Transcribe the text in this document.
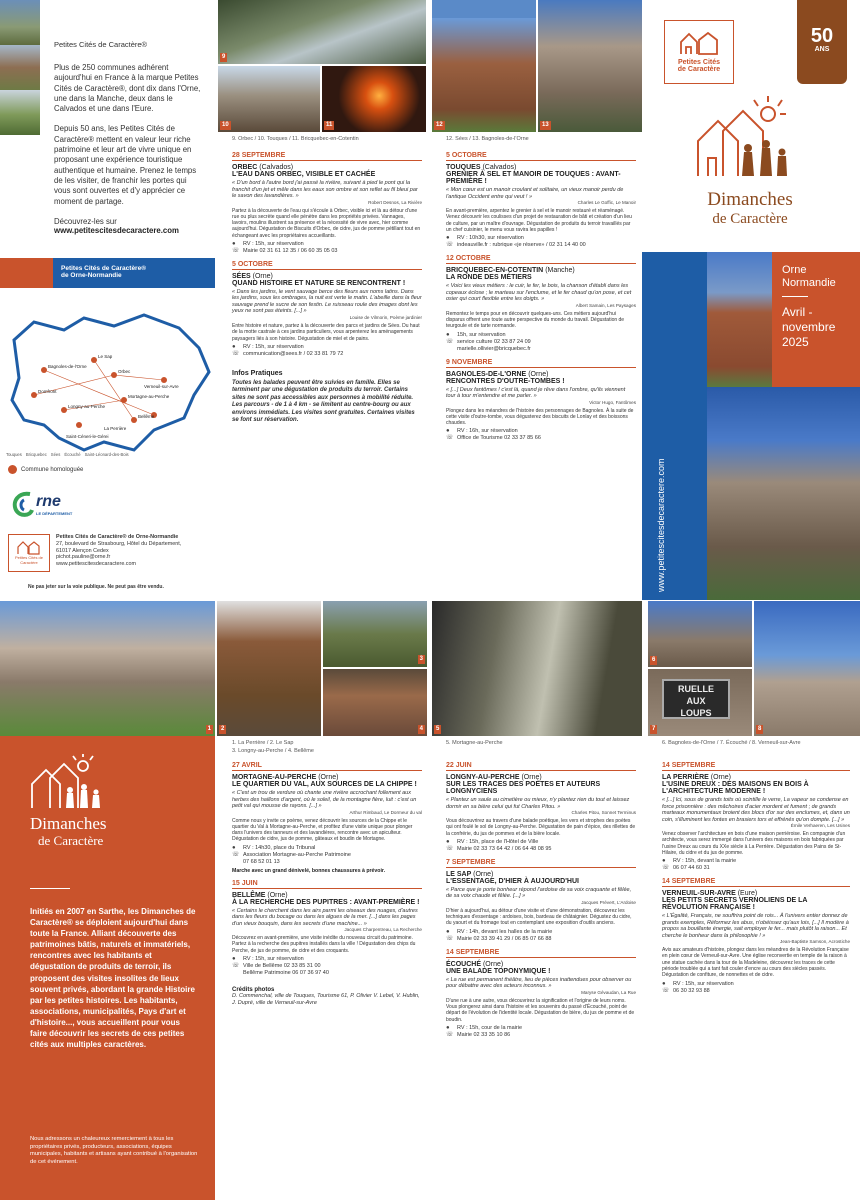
Petites Cités de Caractère®
Plus de 250 communes adhérent aujourd'hui en France à la marque Petites Cités de Caractère®, dont dix dans l'Orne, une dans la Manche, deux dans le Calvados et une dans l'Eure.
Depuis 50 ans, les Petites Cités de Caractère® mettent en valeur leur riche patrimoine et leur art de vivre unique en proposant une expérience touristique authentique et humaine. Prenez le temps de les visiter, de franchir les portes qui vous sont ouvertes et d'y apprécier ce moment de partage.
Découvrez-les sur
www.petitescitesdecaractere.com
Petites Cités de Caractère®
de Orne-Normandie
Domfront
Orbec
Verneuil-sur-Avre
Longny-au-Perche
Mortagne-au-Perche
Le Sap
Bellême
Bagnoles-de-l'Orne
La Perrière
Saint-Céneri-le-Gérei
Commune homologuée
rne
LE DÉPARTEMENT
Petites Cités de Caractère
Petites Cités de Caractère® de Orne-Normandie
27, boulevard de Strasbourg, Hôtel du Département,
61017 Alençon Cedex
pichot.pauline@orne.fr
www.petitescitesdecaractere.com
Ne pas jeter sur la voie publique. Ne peut pas être vendu.
9
10	11
9. Orbec / 10. Touques / 11. Bricquebec-en-Cotentin
28 SEPTEMBRE
ORBEC (Calvados)
L'EAU DANS ORBEC, VISIBLE ET CACHÉE
« D'un bord à l'autre bord j'ai passé la rivière, suivant à pied le pont qui la franchit d'un jet et mêle dans les eaux son ombre et son reflet au fil bleui par le savon des lavandières. »
Robert Desnos, La Rivière
Partez à la découverte de l'eau qui s'écoule à Orbec, visible ici et là au détour d'une rue ou plus secrète quand elle pénètre dans les propriétés privées. Vannages, lavoirs, moulins illustrent sa présence et la nécessité de vivre avec, hier comme aujourd'hui. Dégustation de Biscuits d'Orbec, de cidre, jus de pomme pétillant tout en échangeant avec les propriétaires accueillants.
● RV : 15h, sur réservation
☏ Mairie 02 31 61 12 35 / 06 60 35 05 03
5 OCTOBRE
SÉES (Orne)
QUAND HISTOIRE ET NATURE SE RENCONTRENT !
« Dans les jardins, le vent sauvage berce des fleurs aux noms latins. Dans les jardins, sous les ombrages, la nuit est verte le matin. L'abeille dans la fleur sauvage prend le sucre de son festin. Le ruisseau roule des images dont les yeux ne sont pas éteints. [...] »
Louise de Vilmorin, Poème jardinier
Entre histoire et nature, partez à la découverte des parcs et jardins de Sées. Du haut de la motte castrale à ces jardins particuliers, vous arpenterez les aménagements paysagers liés à son histoire. Dégustation de miel et de pains.
● RV : 15h, sur réservation
☏ communication@sees.fr / 02 33 81 79 72
Infos Pratiques
Toutes les balades peuvent être suivies en famille. Elles se terminent par une dégustation de produits du terroir. Certains sites ne sont pas accessibles aux personnes à mobilité réduite. Les parcours - de 1 à 4 km - se limitent au centre-bourg ou aux environs immédiats. Les visites sont gratuites. Certaines visites se font sur réservation.
12	13
12. Sées / 13. Bagnoles-de-l'Orne
5 OCTOBRE
TOUQUES (Calvados)
GRENIER À SEL ET MANOIR DE TOUQUES : AVANT-PREMIÈRE !
« Mon cœur est un manoir croulant et solitaire, un vieux manoir perdu de l'antique Occident entre qui veut ! »
Charles Le Goffic, Le Manoir
En avant-première, arpentez le grenier à sel et le manoir restauré et réaménagé. Venez découvrir les coulisses d'un projet de restauration de bâti et création d'un lieu de culture, par un maître d'ouvrage. Dégustation de produits du terroir travaillés par un chef cuisinier, le menu vous ravira les papilles !
● RV : 10h30, sur réservation
☏ indeauville.fr : rubrique «je réserve» / 02 31 14 40 00
12 OCTOBRE
BRICQUEBEC-EN-COTENTIN (Manche)
LA RONDE DES MÉTIERS
« Voici les vieux métiers : le cuir, le fer, le bois, la chanson d'établi dans les copeaux éclose ; le marteau sur l'enclume, et le fer chaud qu'on pose, et cet osier qui court flexible entre les doigts. »
Albert Samain, Les Paysages
Remontez le temps pour en découvrir quelques-uns. Ces métiers aujourd'hui disparus offrent une toute autre perspective du monde du travail. Dégustation de teurgoule et de tarte normande.
● 15h, sur réservation
☏ service culture 02 33 87 24 09
marielle.ollivier@bricquebec.fr
9 NOVEMBRE
BAGNOLES-DE-L'ORNE (Orne)
RENCONTRES D'OUTRE-TOMBES !
« [...] Deux fantômes ! c'est là, quand je rêve dans l'ombre, qu'ils viennent tour à tour m'entendre et me parler. »
Victor Hugo, Fantômes
Plongez dans les méandres de l'histoire des personnages de Bagnoles. À la suite de cette visite d'outre-tombe, vous dégusterez des biscuits de Lonlay et des boissons chaudes.
● RV : 16h, sur réservation
☏ Office de Tourisme 02 33 37 85 66
Petites Cités
de Caractère
50
ANS
Dimanches
de Caractère
www.petitescitesdecaractere.com
Orne
Normandie
Avril -
novembre
2025
1	2
3
4	5
6
RUELLE
AUX
LOUPS
7	8
Dimanches
de Caractère
Initiés en 2007 en Sarthe, les Dimanches de Caractère® se déploient aujourd'hui dans toute la France. Alliant découverte des patrimoines bâtis, naturels et immatériels, rencontres avec les habitants et dégustation de produits de terroir, ils proposent des visites insolites de lieux souvent privés, abordant la grande Histoire par les petites histoires. Les habitants, associations, municipalités, Pays d'art et d'histoire..., vous accueillent pour vous faire découvrir les secrets de ces petites cités aux multiples caractères.
Nous adressons un chaleureux remerciement à tous les propriétaires privés, producteurs, associations, équipes municipales, habitants et artisans ayant contribué à l'organisation de cet événement.
1. La Perrière / 2. Le Sap
3. Longny-au-Perche / 4. Bellême
5. Mortagne-au-Perche	6. Bagnoles-de-l'Orne / 7. Écouché / 8. Verneuil-sur-Avre
27 AVRIL
MORTAGNE-AU-PERCHE (Orne)
LE QUARTIER DU VAL, AUX SOURCES DE LA CHIPPE !
« C'est un trou de verdure où chante une rivière accrochant follement aux herbes des haillons d'argent, où le soleil, de la montagne fière, luit : c'est un petit val qui mousse de rayons. [...] »
Arthur Rimbaud, Le Dormeur du val
Comme nous y invite ce poème, venez découvrir les sources de la Chippe et le quartier du Val à Mortagne-au-Perche, et profitez d'une visite unique pour plonger dans l'univers des tanneurs et des lavandières, rencontre avec un apiculteur. Dégustation de cidre, jus de pomme, gâteaux et boudin de Mortagne.
● RV : 14h30, place du Tribunal
☏ Association Mortagne-au-Perche Patrimoine
07 68 52 01 13
Marche avec un grand dénivelé, bonnes chaussures à prévoir.
15 JUIN
BELLÊME (Orne)
À LA RECHERCHE DES PUPITRES : AVANT-PREMIÈRE !
« Certains le cherchent dans les airs parmi les oiseaux des nuages, d'autres dans les fleurs du bocage ou dans les algues de la mer. [...] dans les pages d'un vieux bouquin, dans les secrets d'une machine... »
Jacques Charpentreau, La Recherche
Découvrez en avant-première, une visite inédite du nouveau circuit du patrimoine. Partez à la recherche des pupitres installés dans la ville ! Dégustation des chips du Perche, de jus de pomme, de cidre et des croquants.
● RV : 15h, sur réservation
☏ Ville de Bellême 02 33 85 31 00
Bellême Patrimoine 06 07 36 97 40
Crédits photos
D. Commenchal, ville de Touques, Tourisme 61, P. Olivier V. Lebel, V. Hublin, J. Dupré, ville de Verneuil-sur-Avre
22 JUIN
LONGNY-AU-PERCHE (Orne)
SUR LES TRACES DES POÈTES ET AUTEURS LONGNYCIENS
« Plantez un saule au cimetière ou mieux, n'y plantez rien du tout et laissez dormir en sa bière celui qui fut Charles Pitou. »
Charles Pitou, Sonnet Terminus
Vous découvrirez au travers d'une balade poétique, les vers et strophes des poètes qui ont foulé le sol de Longny-au-Perche. Dégustation de pain d'épice, des rillettes de la confrérie, du jus de pommes et de la bière locale.
● RV : 15h, place de l'Hôtel de Ville
☏ Mairie 02 33 73 64 42 / 06 64 48 08 95
7 SEPTEMBRE
LE SAP (Orne)
L'ESSENTAGE, D'HIER À AUJOURD'HUI
« Parce que je porte bonheur répond l'ardoise de sa voix craquante et fêlée, de sa voix chaude et fêlée. [...] »
Jacques Prévert, L'Ardoise
D'hier à aujourd'hui, au détour d'une visite et d'une démonstration, découvrez les techniques d'essentage : ardoises, bois, bardeau de châtaignier. Dégustez du cidre, du yaourt et du fromage tout en contemplant une exposition d'outils anciens.
● RV : 14h, devant les halles de la mairie
☏ Mairie 02 33 39 41 29 / 06 85 07 66 88
14 SEPTEMBRE
ÉCOUCHÉ (Orne)
UNE BALADE TOPONYMIQUE !
« La rue est permanent théâtre, lieu de pièces inattendues pour observer ou pour débattre avec des acteurs inconnus. »
Maryse Gévaudan, La Rue
D'une rue à une autre, vous découvrirez la signification et l'origine de leurs noms. Vous plongerez ainsi dans l'histoire et les souvenirs du passé d'Écouché, point de départ de l'évolution de l'identité locale. Dégustation de bière, du jus de pomme et de boudin.
● RV : 15h, cour de la mairie
☏ Mairie 02 33 35 10 86
14 SEPTEMBRE
LA PERRIÈRE (Orne)
L'USINE DREUX : DES MAISONS EN BOIS À L'ARCHITECTURE MODERNE !
« [...] Ici, sous de grands toits où scintille le verre, La vapeur se condense en force prisonnière : des mâchoires d'acier mordent et fument ; de grands marteaux monumentaux broient des blocs d'or sur des enclumes, et, dans un coin, s'illuminent les fontes en brasiers tors et effrénés qu'on dompte. [...] »
Émile Verhaeren, Les Usines
Venez observer l'architecture en bois d'une maison perriéroise. En compagnie d'un architecte, vous serez immergé dans l'univers des maisons en bois fabriquées par l'usine Dreux au cours du XXe siècle à La Perrière. Dégustation des Pains de St-Hilaire, du cidre et du jus de pomme.
● RV : 15h, devant la mairie
☏ 06 07 44 60 31
14 SEPTEMBRE
VERNEUIL-SUR-AVRE (Eure)
LES PETITS SECRETS VERNOLIENS DE LA RÉVOLUTION FRANÇAISE !
« L'Égalité, Français, ne souffrira point de rois... À l'univers entier donnez de grands exemples, Réformez les abus, n'obéissez qu'aux lois, [...] Il modère à propos sa bouillante énergie, sait employer le fer... mais plutôt la raison... Et cherche le bonheur dans la philosophie ! »
Jean-Baptiste Samson, Acrostiche
Avis aux amateurs d'histoire, plongez dans les méandres de la Révolution Française en plein cœur de Verneuil-sur-Avre. Une église reconvertie en temple de la raison à une statue cachée dans la tour de la Madeleine, découvrez les traces de cette période troublée qui a tant fait couler d'encre au cours des siècles passés. Dégustation de confiture, de nonnettes et de cidre.
● RV : 15h, sur réservation
☏ 06 30 32 93 88
Touques Bricquebec Sées Écouché Saint-Léonard-des-Bois
